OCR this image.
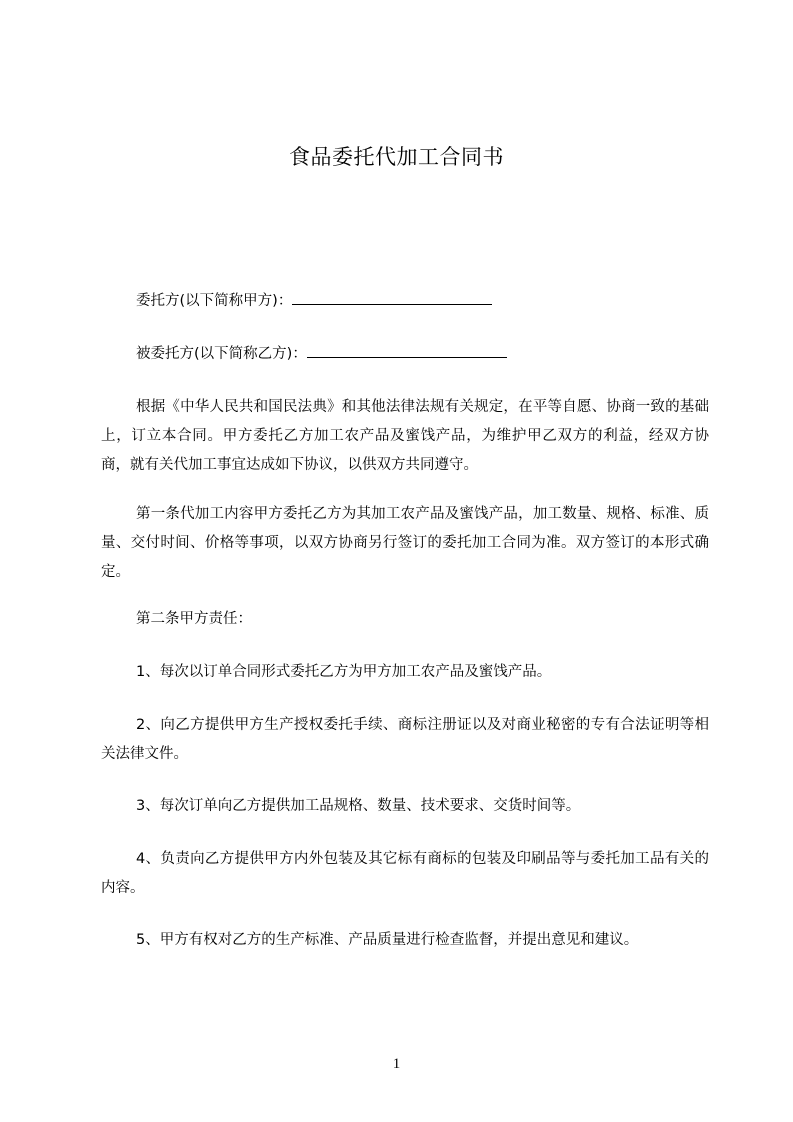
食品委托代加工合同书
委托方(以下简称甲方)：
被委托方(以下简称乙方)：
根据《中华人民共和国民法典》和其他法律法规有关规定，在平等自愿、协商一致的基础上，订立本合同。甲方委托乙方加工农产品及蜜饯产品，为维护甲乙双方的利益，经双方协商，就有关代加工事宜达成如下协议，以供双方共同遵守。
第一条代加工内容甲方委托乙方为其加工农产品及蜜饯产品，加工数量、规格、标准、质量、交付时间、价格等事项，以双方协商另行签订的委托加工合同为准。双方签订的本形式确定。
第二条甲方责任：
1、每次以订单合同形式委托乙方为甲方加工农产品及蜜饯产品。
2、向乙方提供甲方生产授权委托手续、商标注册证以及对商业秘密的专有合法证明等相关法律文件。
3、每次订单向乙方提供加工品规格、数量、技术要求、交货时间等。
4、负责向乙方提供甲方内外包装及其它标有商标的包装及印刷品等与委托加工品有关的内容。
5、甲方有权对乙方的生产标准、产品质量进行检查监督，并提出意见和建议。
1
